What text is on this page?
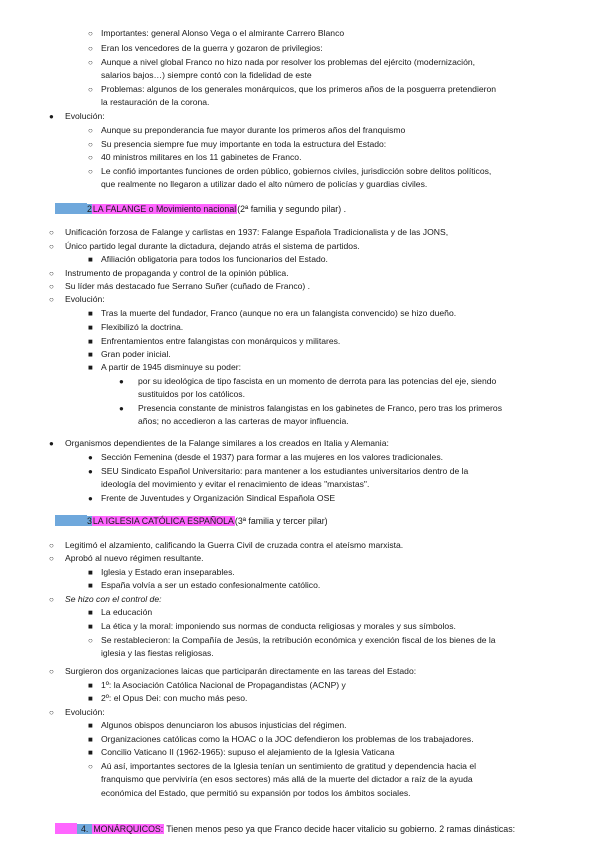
○ Importantes: general Alonso Vega o el almirante Carrero Blanco
○ Eran los vencedores de la guerra y gozaron de privilegios:
○ Aunque a nivel global Franco no hizo nada por resolver los problemas del ejército (modernización,
salarios bajos…) siempre contó con la fidelidad de este
○ Problemas: algunos de los generales monárquicos, que los primeros años de la posguerra pretendieron
la restauración de la corona.
● Evolución:
○ Aunque su preponderancia fue mayor durante los primeros años del franquismo
○ Su presencia siempre fue muy importante en toda la estructura del Estado:
○ 40 ministros militares en los 11 gabinetes de Franco.
○ Le confió importantes funciones de orden público, gobiernos civiles, jurisdicción sobre delitos políticos,
que realmente no llegaron a utilizar dado el alto número de policías y guardias civiles.
2LA FALANGE o Movimiento nacional(2ª familia y segundo pilar) .
○ Unificación forzosa de Falange y carlistas en 1937: Falange Española Tradicionalista y de las JONS,
○ Único partido legal durante la dictadura, dejando atrás el sistema de partidos.
■ Afiliación obligatoria para todos los funcionarios del Estado.
○ Instrumento de propaganda y control de la opinión pública.
○ Su líder más destacado fue Serrano Suñer (cuñado de Franco) .
○ Evolución:
■ Tras la muerte del fundador, Franco (aunque no era un falangista convencido) se hizo dueño.
■ Flexibilizó la doctrina.
■ Enfrentamientos entre falangistas con monárquicos y militares.
■ Gran poder inicial.
■ A partir de 1945 disminuye su poder:
● por su ideológica de tipo fascista en un momento de derrota para las potencias del eje, siendo
sustituidos por los católicos.
● Presencia constante de ministros falangistas en los gabinetes de Franco, pero tras los primeros
años; no accedieron a las carteras de mayor influencia.
● Organismos dependientes de la Falange similares a los creados en Italia y Alemania:
● Sección Femenina (desde el 1937) para formar a las mujeres en los valores tradicionales.
● SEU Sindicato Español Universitario: para mantener a los estudiantes universitarios dentro de la
ideología del movimiento y evitar el renacimiento de ideas "marxistas".
● Frente de Juventudes y Organización Sindical Española OSE
3LA IGLESIA CATÓLICA ESPAÑOLA(3ª familia y tercer pilar)
○ Legitimó el alzamiento, calificando la Guerra Civil de cruzada contra el ateísmo marxista.
○ Aprobó al nuevo régimen resultante.
■ Iglesia y Estado eran inseparables.
■ España volvía a ser un estado confesionalmente católico.
○ Se hizo con el control de:
■ La educación
■ La ética y la moral: imponiendo sus normas de conducta religiosas y morales y sus símbolos.
○ Se restablecieron: la Compañía de Jesús, la retribución económica y exención fiscal de los bienes de la
iglesia y las fiestas religiosas.
○ Surgieron dos organizaciones laicas que participarán directamente en las tareas del Estado:
■ 1º: la Asociación Católica Nacional de Propagandistas (ACNP) y
■ 2º: el Opus Dei: con mucho más peso.
○ Evolución:
■ Algunos obispos denunciaron los abusos injusticias del régimen.
■ Organizaciones católicas como la HOAC o la JOC defendieron los problemas de los trabajadores.
■ Concilio Vaticano II (1962-1965): supuso el alejamiento de la Iglesia Vaticana
○ Aú así, importantes sectores de la Iglesia tenían un sentimiento de gratitud y dependencia hacia el
franquismo que perviviría (en esos sectores) más allá de la muerte del dictador a raíz de la ayuda
económica del Estado, que permitió su expansión por todos los ámbitos sociales.
4. MONÁRQUICOS: Tienen menos peso ya que Franco decide hacer vitalicio su gobierno. 2 ramas dinásticas:
